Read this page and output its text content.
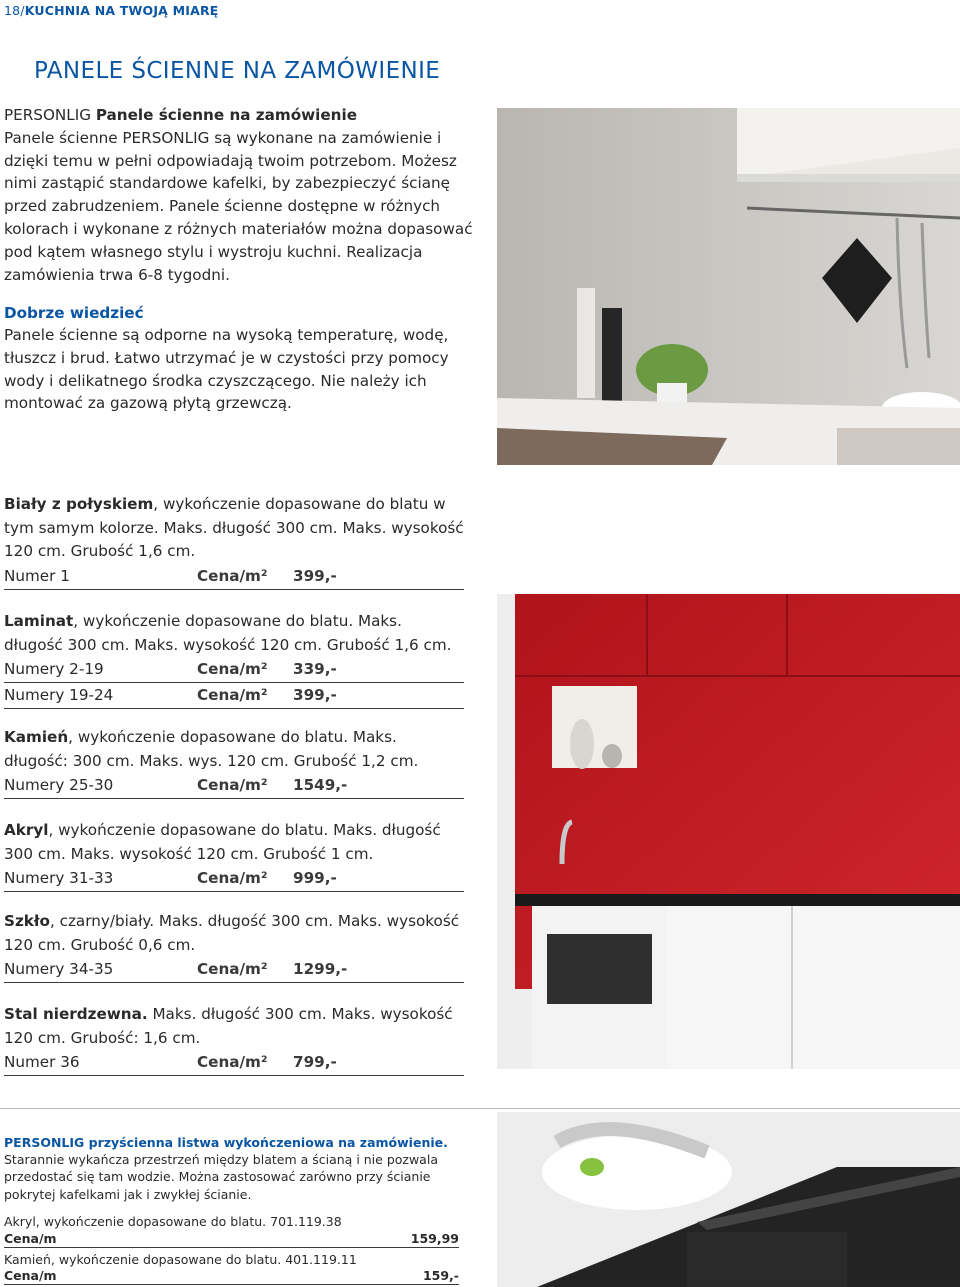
18/KUCHNIA NA TWOJĄ MIARĘ
PANELE ŚCIENNE NA ZAMÓWIENIE
PERSONLIG Panele ścienne na zamówienie
Panele ścienne PERSONLIG są wykonane na zamówienie i dzięki temu w pełni odpowiadają twoim potrzebom. Możesz nimi zastąpić standardowe kafelki, by zabezpieczyć ścianę przed zabrudzeniem. Panele ścienne dostępne w różnych kolorach i wykonane z różnych materiałów można dopasować pod kątem własnego stylu i wystroju kuchni. Realizacja zamówienia trwa 6-8 tygodni.
Dobrze wiedzieć
Panele ścienne są odporne na wysoką temperaturę, wodę, tłuszcz i brud. Łatwo utrzymać je w czystości przy pomocy wody i delikatnego środka czyszczącego. Nie należy ich montować za gazową płytą grzewczą.
Biały z połyskiem, wykończenie dopasowane do blatu w tym samym kolorze. Maks. długość 300 cm. Maks. wysokość 120 cm. Grubość 1,6 cm.
Numer 1	Cena/m² 399,-
Laminat, wykończenie dopasowane do blatu. Maks. długość 300 cm. Maks. wysokość 120 cm. Grubość 1,6 cm.
Numery 2-19	Cena/m² 339,-
Numery 19-24	Cena/m² 399,-
Kamień, wykończenie dopasowane do blatu. Maks. długość: 300 cm. Maks. wys. 120 cm. Grubość 1,2 cm.
Numery 25-30	Cena/m² 1549,-
Akryl, wykończenie dopasowane do blatu. Maks. długość 300 cm. Maks. wysokość 120 cm. Grubość 1 cm.
Numery 31-33	Cena/m² 999,-
Szkło, czarny/biały. Maks. długość 300 cm. Maks. wysokość 120 cm. Grubość 0,6 cm.
Numery 34-35	Cena/m² 1299,-
Stal nierdzewna. Maks. długość 300 cm. Maks. wysokość 120 cm. Grubość: 1,6 cm.
Numer 36	Cena/m² 799,-
PERSONLIG przyścienna listwa wykończeniowa na zamówienie.
Starannie wykańcza przestrzeń między blatem a ścianą i nie pozwala przedostać się tam wodzie. Można zastosować zarówno przy ścianie pokrytej kafelkami jak i zwykłej ścianie.
Akryl, wykończenie dopasowane do blatu. 701.119.38
Cena/m	159,99
Kamień, wykończenie dopasowane do blatu. 401.119.11
Cena/m	159,-
